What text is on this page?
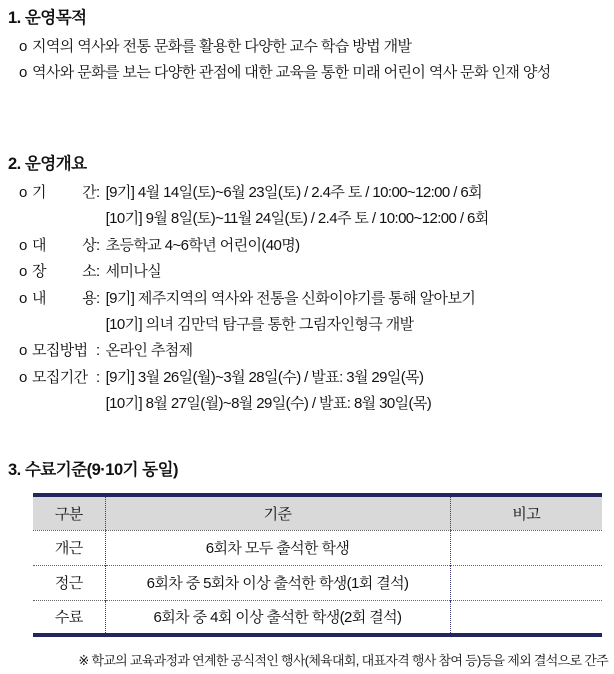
1. 운영목적
o 지역의 역사와 전통 문화를 활용한 다양한 교수 학습 방법 개발
o 역사와 문화를 보는 다양한 관점에 대한 교육을 통한 미래 어린이 역사 문화 인재 양성
2. 운영개요
o 기 간 : [9기] 4월 14일(토)~6월 23일(토) / 2.4주 토 / 10:00~12:00 / 6회
[10기] 9월 8일(토)~11월 24일(토) / 2.4주 토 / 10:00~12:00 / 6회
o 대 상 : 초등학교 4~6학년 어린이(40명)
o 장 소 : 세미나실
o 내 용 : [9기] 제주지역의 역사와 전통을 신화이야기를 통해 알아보기
[10기] 의녀 김만덕 탐구를 통한 그림자인형극 개발
o 모집방법 : 온라인 추첨제
o 모집기간 : [9기] 3월 26일(월)~3월 28일(수) / 발표: 3월 29일(목)
[10기] 8월 27일(월)~8월 29일(수) / 발표: 8월 30일(목)
3. 수료기준(9·10기 동일)
구분	기준	비고
개근	6회차 모두 출석한 학생	
정근	6회차 중 5회차 이상 출석한 학생(1회 결석)	
수료	6회차 중 4회 이상 출석한 학생(2회 결석)	
※ 학교의 교육과정과 연계한 공식적인 행사(체육대회, 대표자격 행사 참여 등)등을 제외 결석으로 간주
